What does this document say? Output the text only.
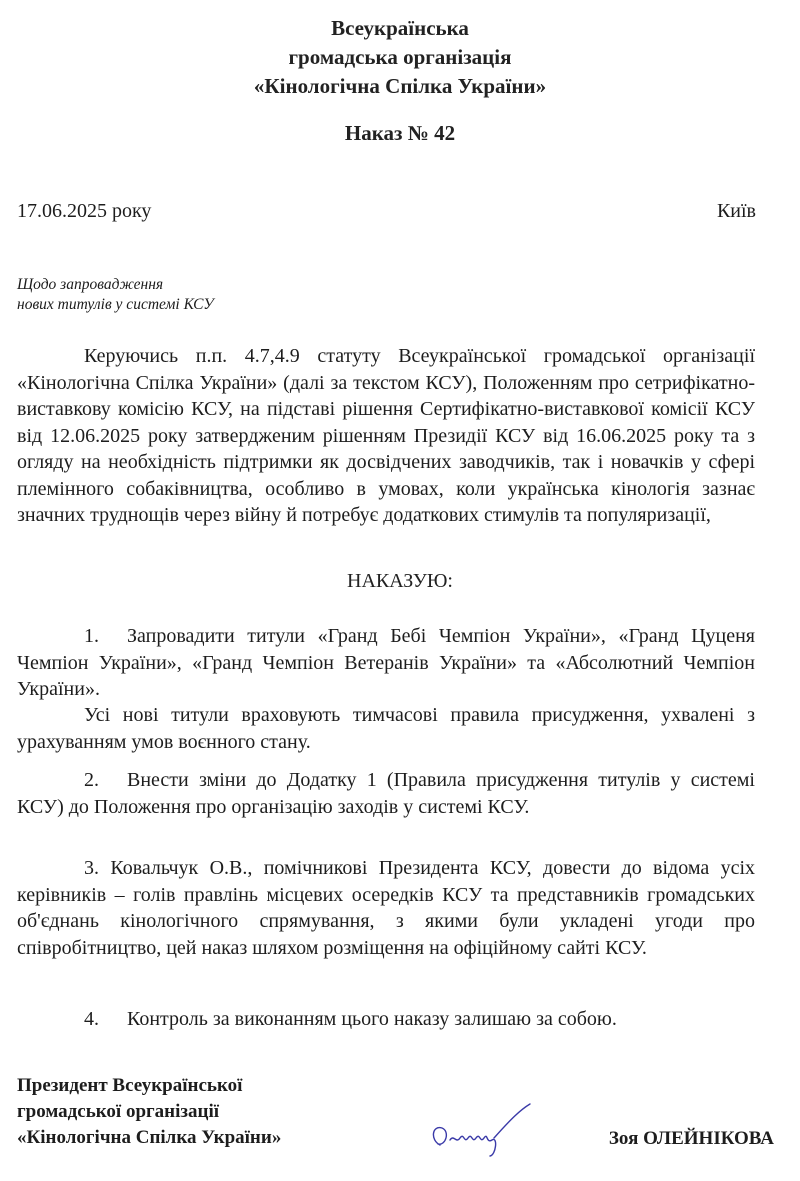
Всеукраїнська
громадська організація
«Кінологічна Спілка України»
Наказ № 42
17.06.2025 року	Київ
Щодо запровадження
нових титулів у системі КСУ
Керуючись п.п. 4.7,4.9 статуту Всеукраїнської громадської організації «Кінологічна Спілка України» (далі за текстом КСУ), Положенням про сетрифікатно-виставкову комісію КСУ, на підставі рішення Сертифікатно-виставкової комісії КСУ від 12.06.2025 року затвердженим рішенням Президії КСУ від 16.06.2025 року та з огляду на необхідність підтримки як досвідчених заводчиків, так і новачків у сфері племінного собаківництва, особливо в умовах, коли українська кінологія зазнає значних труднощів через війну й потребує додаткових стимулів та популяризації,
НАКАЗУЮ:
1. Запровадити титули «Гранд Бебі Чемпіон України», «Гранд Цуценя Чемпіон України», «Гранд Чемпіон Ветеранів України» та «Абсолютний Чемпіон України».
Усі нові титули враховують тимчасові правила присудження, ухвалені з урахуванням умов воєнного стану.
2. Внести зміни до Додатку 1 (Правила присудження титулів у системі КСУ) до Положення про організацію заходів у системі КСУ.
3. Ковальчук О.В., помічникові Президента КСУ, довести до відома усіх керівників – голів правлінь місцевих осередків КСУ та представників громадських об'єднань кінологічного спрямування, з якими були укладені угоди про співробітництво, цей наказ шляхом розміщення на офіційному сайті КСУ.
4. Контроль за виконанням цього наказу залишаю за собою.
Президент Всеукраїнської
громадської організації
«Кінологічна Спілка України»	Зоя ОЛЕЙНІКОВА
